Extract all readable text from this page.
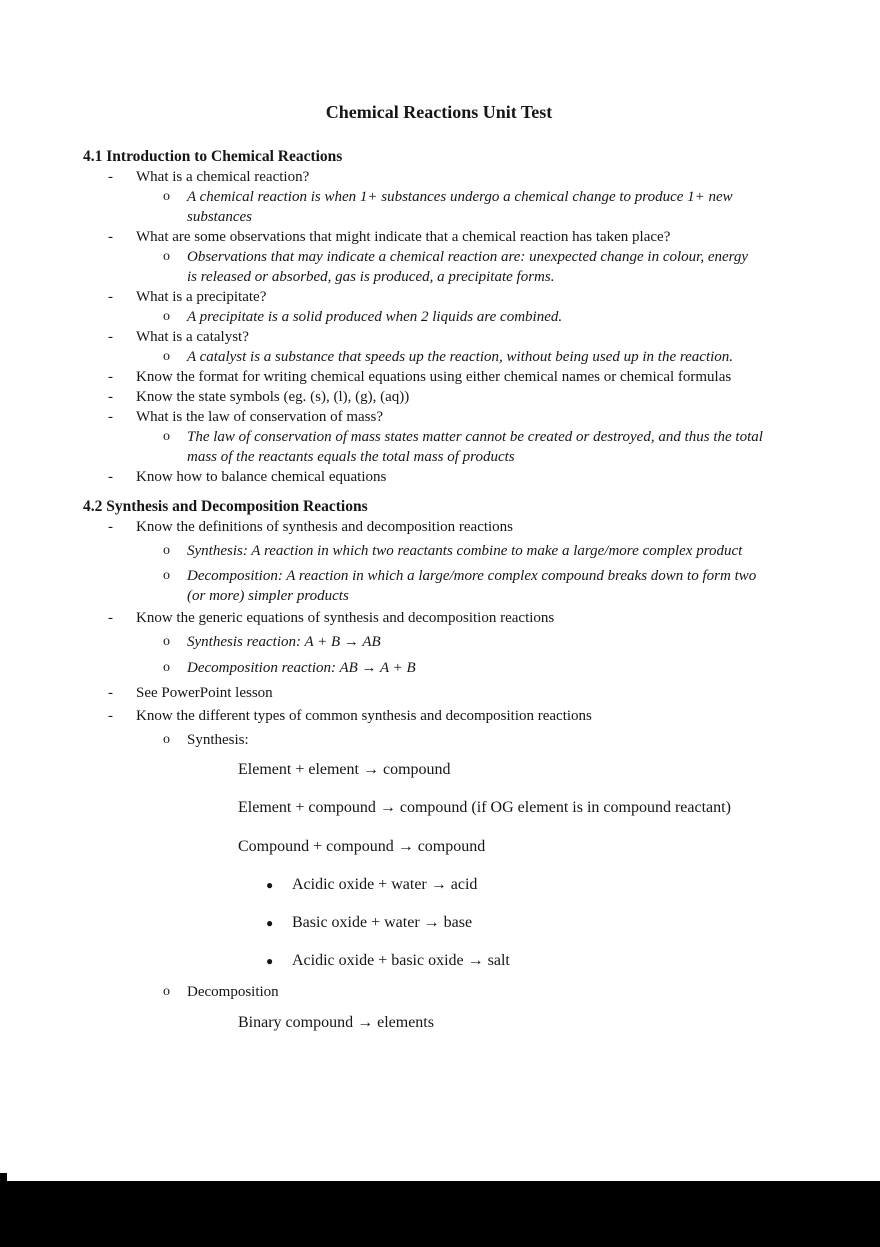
Chemical Reactions Unit Test
4.1 Introduction to Chemical Reactions
-	What is a chemical reaction?
o	A chemical reaction is when 1+ substances undergo a chemical change to produce 1+ new
substances
-	What are some observations that might indicate that a chemical reaction has taken place?
o	Observations that may indicate a chemical reaction are: unexpected change in colour, energy
is released or absorbed, gas is produced, a precipitate forms.
-	What is a precipitate?
o	A precipitate is a solid produced when 2 liquids are combined.
-	What is a catalyst?
o	A catalyst is a substance that speeds up the reaction, without being used up in the reaction.
-	Know the format for writing chemical equations using either chemical names or chemical formulas
-	Know the state symbols (eg. (s), (l), (g), (aq))
-	What is the law of conservation of mass?
o	The law of conservation of mass states matter cannot be created or destroyed, and thus the total
mass of the reactants equals the total mass of products
-	Know how to balance chemical equations
4.2 Synthesis and Decomposition Reactions
-	Know the definitions of synthesis and decomposition reactions
o	Synthesis: A reaction in which two reactants combine to make a large/more complex product
o	Decomposition: A reaction in which a large/more complex compound breaks down to form two
(or more) simpler products
-	Know the generic equations of synthesis and decomposition reactions
o	Synthesis reaction: A + B → AB
o	Decomposition reaction: AB → A + B
-	See PowerPoint lesson
-	Know the different types of common synthesis and decomposition reactions
o	Synthesis:
Element + element → compound
Element + compound → compound (if OG element is in compound reactant)
Compound + compound → compound
●	Acidic oxide + water → acid
●	Basic oxide + water → base
●	Acidic oxide + basic oxide → salt
o	Decomposition
Binary compound → elements
